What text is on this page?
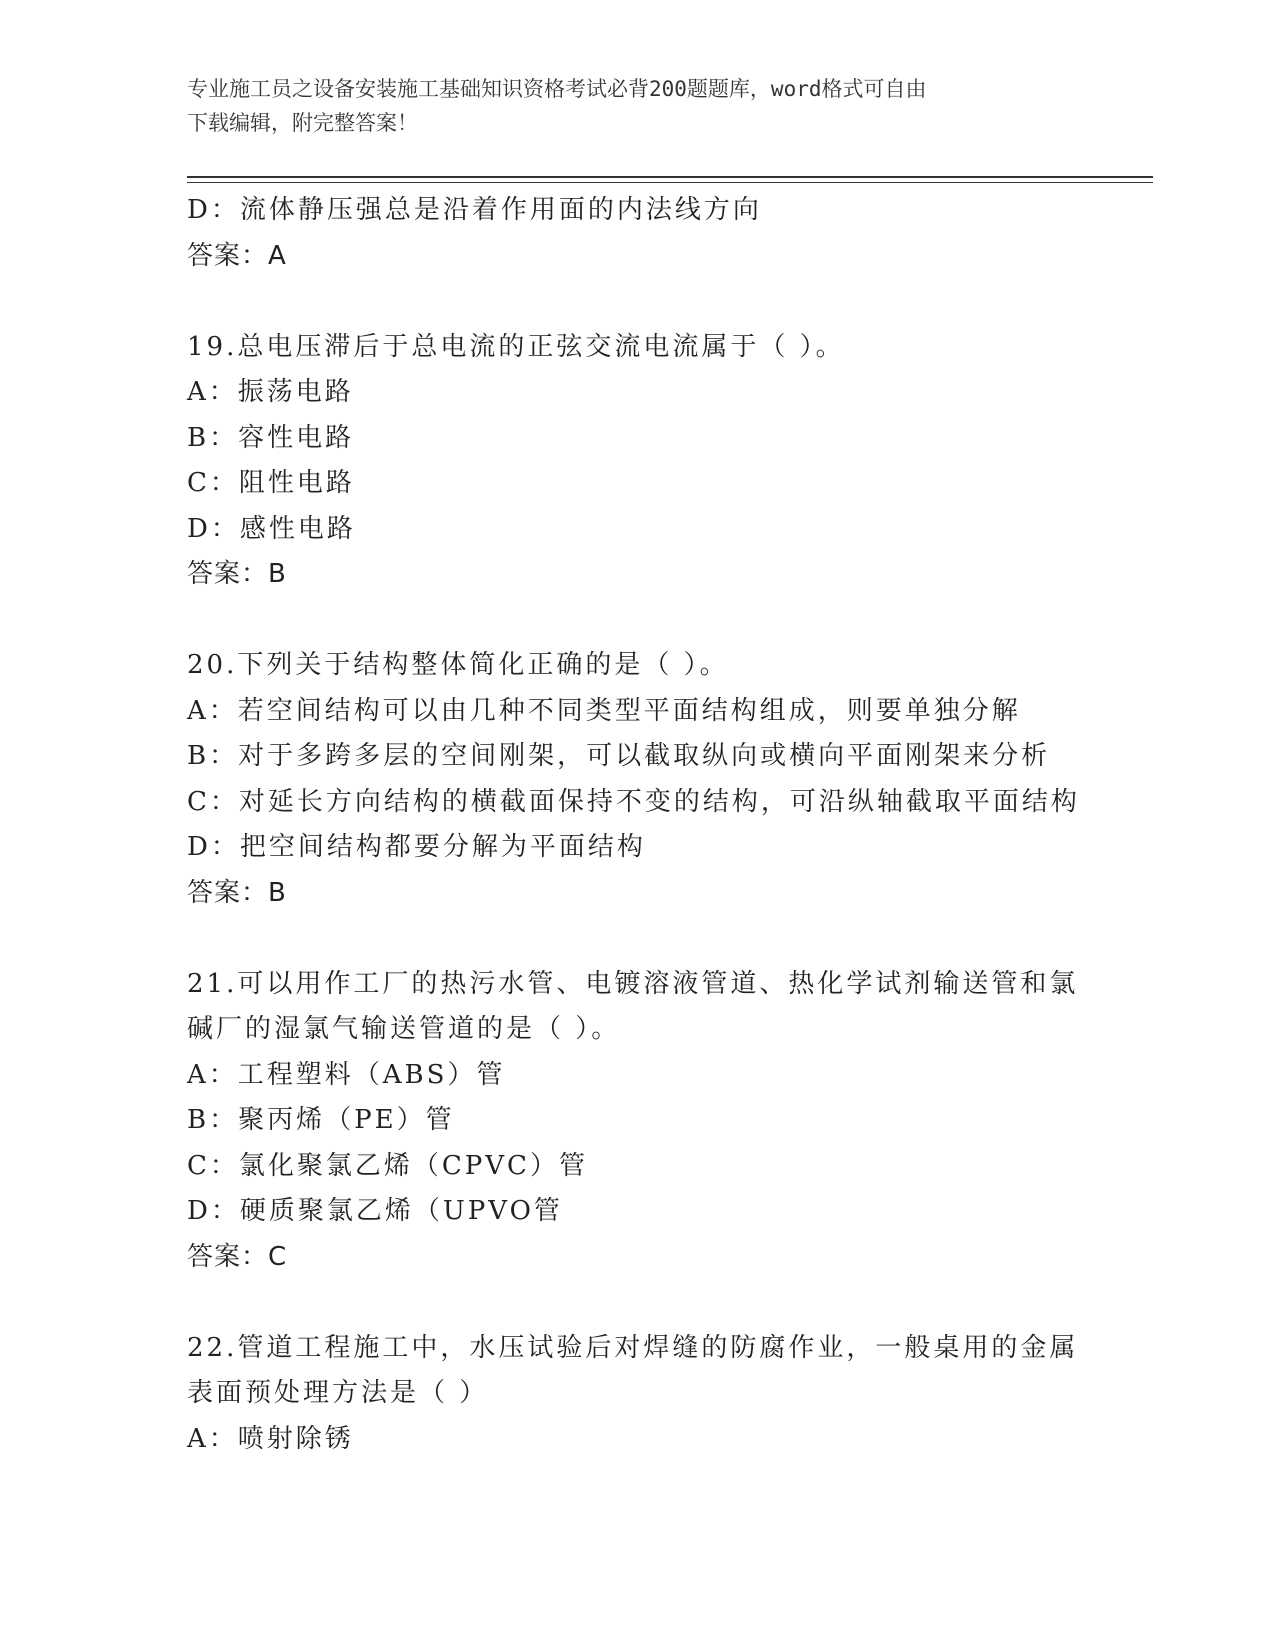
专业施工员之设备安装施工基础知识资格考试必背200题题库，word格式可自由
下载编辑，附完整答案！
D：流体静压强总是沿着作用面的内法线方向
答案：A
19.总电压滞后于总电流的正弦交流电流属于（ ）。
A：振荡电路
B：容性电路
C：阻性电路
D：感性电路
答案：B
20.下列关于结构整体简化正确的是（ ）。
A：若空间结构可以由几种不同类型平面结构组成，则要单独分解
B：对于多跨多层的空间刚架，可以截取纵向或横向平面刚架来分析
C：对延长方向结构的横截面保持不变的结构，可沿纵轴截取平面结构
D：把空间结构都要分解为平面结构
答案：B
21.可以用作工厂的热污水管、电镀溶液管道、热化学试剂输送管和氯
碱厂的湿氯气输送管道的是（ ）。
A：工程塑料（ABS）管
B：聚丙烯（PE）管
C：氯化聚氯乙烯（CPVC）管
D：硬质聚氯乙烯（UPVO管
答案：C
22.管道工程施工中，水压试验后对焊缝的防腐作业，一般桌用的金属
表面预处理方法是（ ）
A：喷射除锈
